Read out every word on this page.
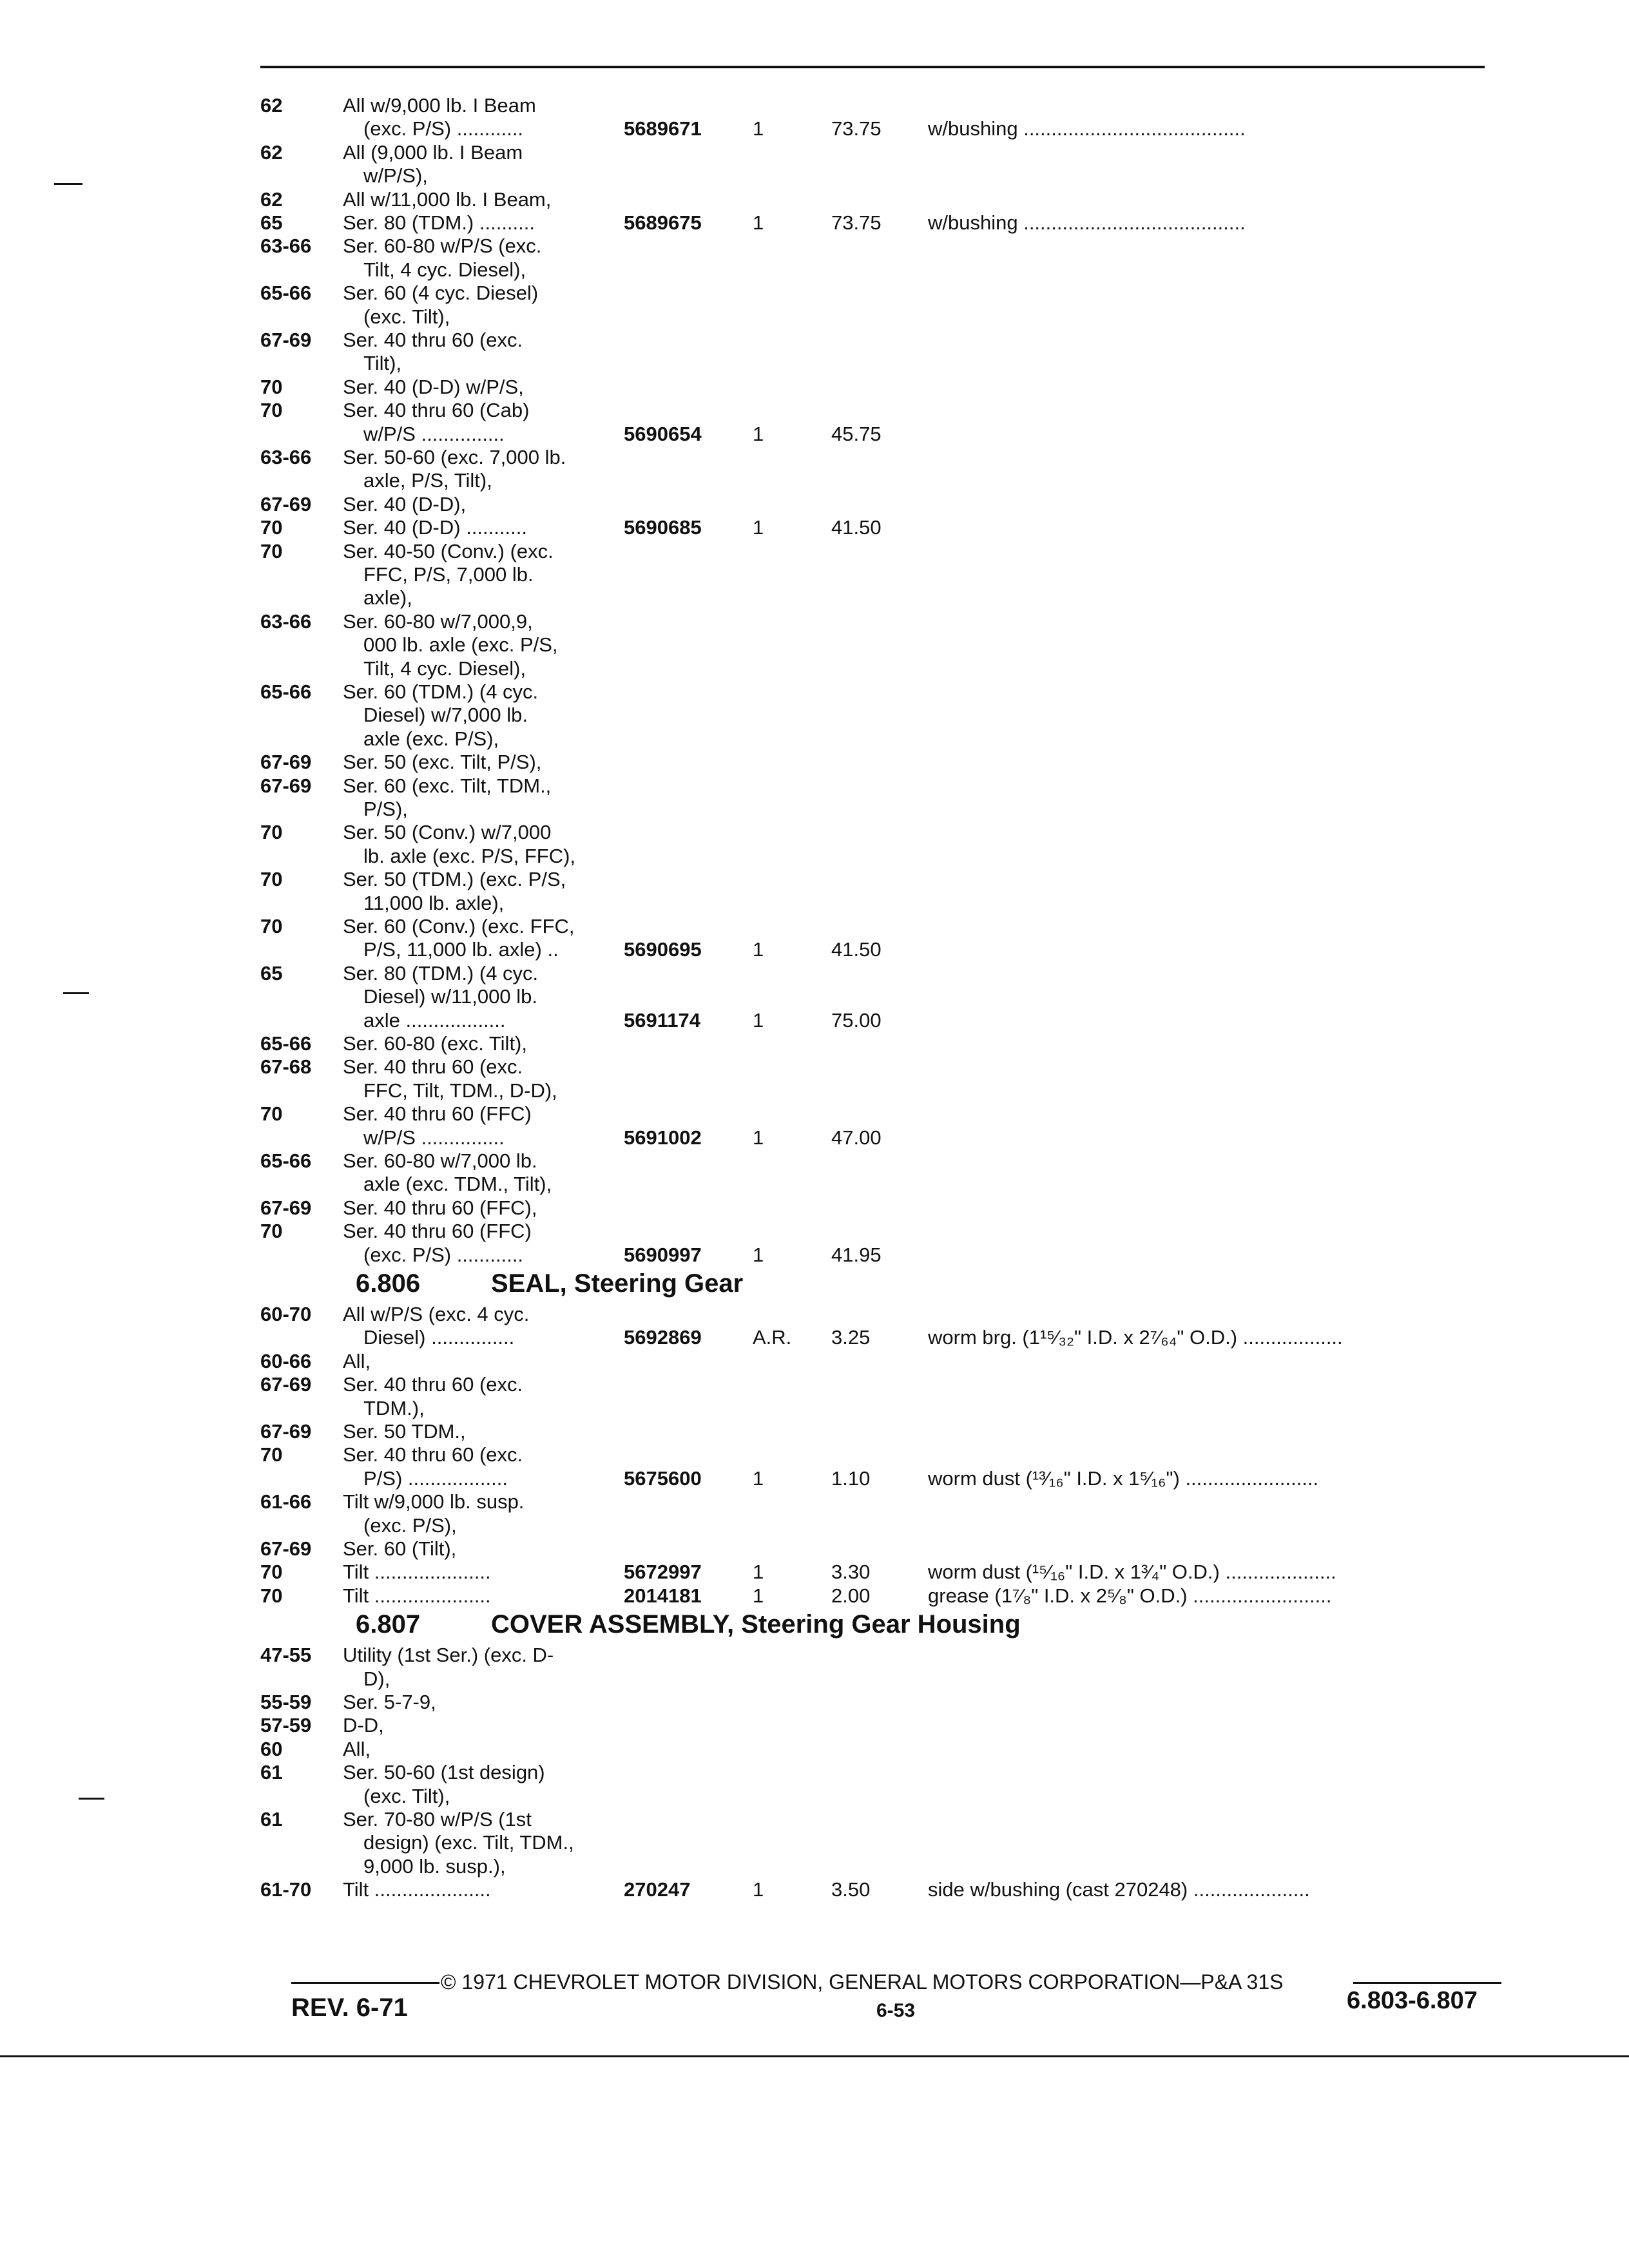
62	All w/9,000 lb. I Beam
(exc. P/S) ............	5689671	1	73.75 w/bushing ........................................
62	All (9,000 lb. I Beam
w/P/S),
62	All w/11,000 lb. I Beam,
65	Ser. 80 (TDM.) ..........	5689675	1	73.75 w/bushing ........................................
63-66 Ser. 60-80 w/P/S (exc.
Tilt, 4 cyc. Diesel),
65-66 Ser. 60 (4 cyc. Diesel)
(exc. Tilt),
67-69 Ser. 40 thru 60 (exc.
Tilt),
70	Ser. 40 (D-D) w/P/S,
70	Ser. 40 thru 60 (Cab)
w/P/S ...............	5690654	1	45.75
63-66 Ser. 50-60 (exc. 7,000 lb.
axle, P/S, Tilt),
67-69 Ser. 40 (D-D),
70	Ser. 40 (D-D) ...........	5690685	1	41.50
70	Ser. 40-50 (Conv.) (exc.
FFC, P/S, 7,000 lb.
axle),
63-66 Ser. 60-80 w/7,000,9,
000 lb. axle (exc. P/S,
Tilt, 4 cyc. Diesel),
65-66 Ser. 60 (TDM.) (4 cyc.
Diesel) w/7,000 lb.
axle (exc. P/S),
67-69 Ser. 50 (exc. Tilt, P/S),
67-69 Ser. 60 (exc. Tilt, TDM.,
P/S),
70	Ser. 50 (Conv.) w/7,000
lb. axle (exc. P/S, FFC),
70	Ser. 50 (TDM.) (exc. P/S,
11,000 lb. axle),
70	Ser. 60 (Conv.) (exc. FFC,
P/S, 11,000 lb. axle) ..	5690695	1	41.50
65	Ser. 80 (TDM.) (4 cyc.
Diesel) w/11,000 lb.
axle ..................	5691174	1	75.00
65-66 Ser. 60-80 (exc. Tilt),
67-68 Ser. 40 thru 60 (exc.
FFC, Tilt, TDM., D-D),
70	Ser. 40 thru 60 (FFC)
w/P/S ...............	5691002	1	47.00
65-66 Ser. 60-80 w/7,000 lb.
axle (exc. TDM., Tilt),
67-69 Ser. 40 thru 60 (FFC),
70	Ser. 40 thru 60 (FFC)
(exc. P/S) ............	5690997	1	41.95
6.806	SEAL, Steering Gear
60-70 All w/P/S (exc. 4 cyc.
Diesel) ...............	5692869	A.R. 3.25	worm brg. (1¹⁵⁄₃₂" I.D. x 2⁷⁄₆₄" O.D.) ..................
60-66 All,
67-69 Ser. 40 thru 60 (exc.
TDM.),
67-69 Ser. 50 TDM.,
70	Ser. 40 thru 60 (exc.
P/S) ..................	5675600	1	1.10	worm dust (¹³⁄₁₆" I.D. x 1⁵⁄₁₆") ........................
61-66 Tilt w/9,000 lb. susp.
(exc. P/S),
67-69 Ser. 60 (Tilt),
70	Tilt .....................	5672997	1	3.30	worm dust (¹⁵⁄₁₆" I.D. x 1³⁄₄" O.D.) ....................
70	Tilt .....................	2014181	1	2.00	grease (1⁷⁄₈" I.D. x 2⁵⁄₈" O.D.) .........................
6.807	COVER ASSEMBLY, Steering Gear Housing
47-55 Utility (1st Ser.) (exc. D-
D),
55-59 Ser. 5-7-9,
57-59 D-D,
60	All,
61	Ser. 50-60 (1st design)
(exc. Tilt),
61	Ser. 70-80 w/P/S (1st
design) (exc. Tilt, TDM.,
9,000 lb. susp.),
61-70 Tilt .....................	270247	1	3.50	side w/bushing (cast 270248) .....................
© 1971 CHEVROLET MOTOR DIVISION, GENERAL MOTORS CORPORATION—P&A 31S
REV. 6-71	6-53	6.803-6.807
